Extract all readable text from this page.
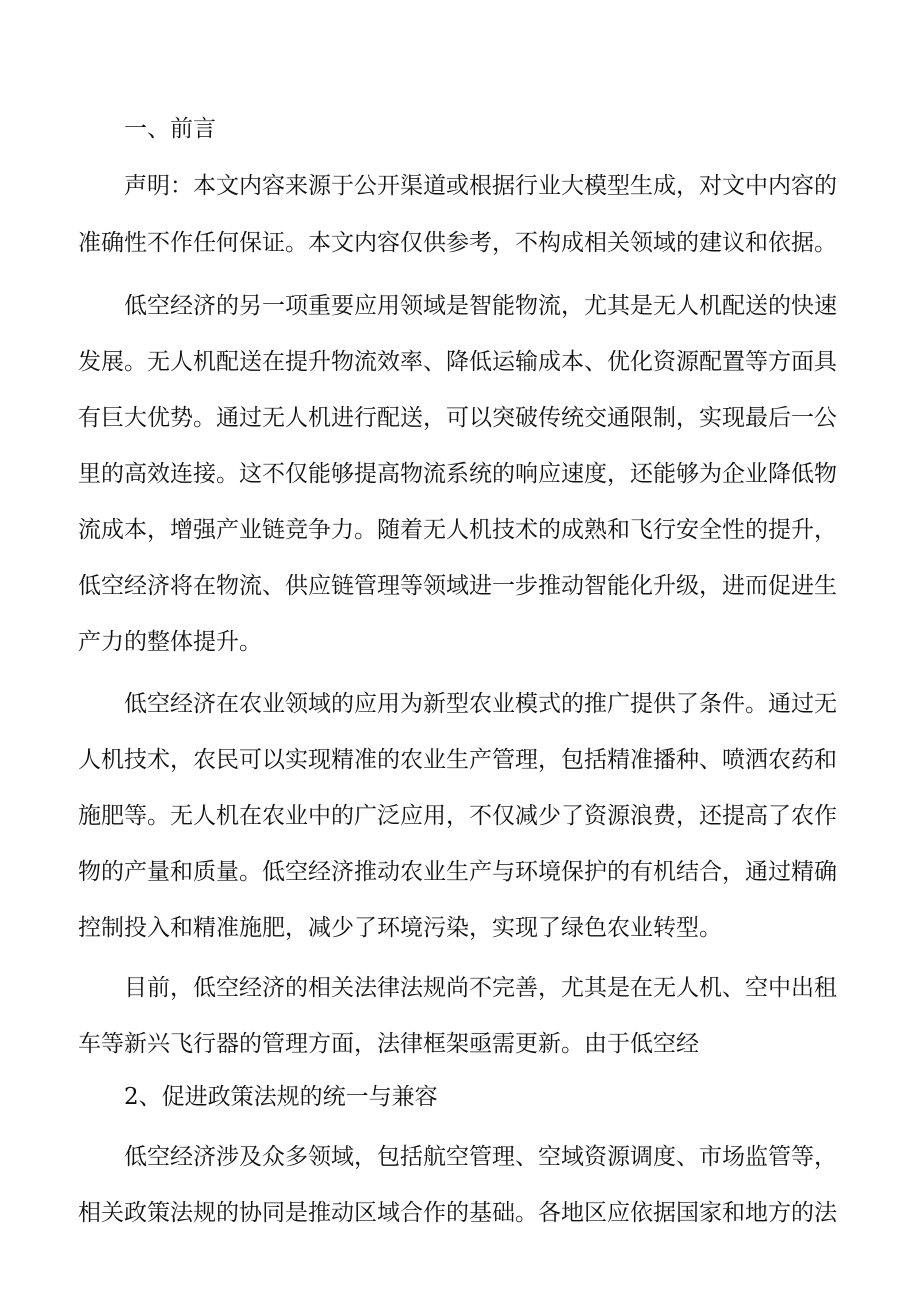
一、前言
声明：本文内容来源于公开渠道或根据行业大模型生成，对文中内容的
准确性不作任何保证。本文内容仅供参考，不构成相关领域的建议和依据。
低空经济的另一项重要应用领域是智能物流，尤其是无人机配送的快速
发展。无人机配送在提升物流效率、降低运输成本、优化资源配置等方面具
有巨大优势。通过无人机进行配送，可以突破传统交通限制，实现最后一公
里的高效连接。这不仅能够提高物流系统的响应速度，还能够为企业降低物
流成本，增强产业链竞争力。随着无人机技术的成熟和飞行安全性的提升，
低空经济将在物流、供应链管理等领域进一步推动智能化升级，进而促进生
产力的整体提升。
低空经济在农业领域的应用为新型农业模式的推广提供了条件。通过无
人机技术，农民可以实现精准的农业生产管理，包括精准播种、喷洒农药和
施肥等。无人机在农业中的广泛应用，不仅减少了资源浪费，还提高了农作
物的产量和质量。低空经济推动农业生产与环境保护的有机结合，通过精确
控制投入和精准施肥，减少了环境污染，实现了绿色农业转型。
目前，低空经济的相关法律法规尚不完善，尤其是在无人机、空中出租
车等新兴飞行器的管理方面，法律框架亟需更新。由于低空经
2、促进政策法规的统一与兼容
低空经济涉及众多领域，包括航空管理、空域资源调度、市场监管等，
相关政策法规的协同是推动区域合作的基础。各地区应依据国家和地方的法
